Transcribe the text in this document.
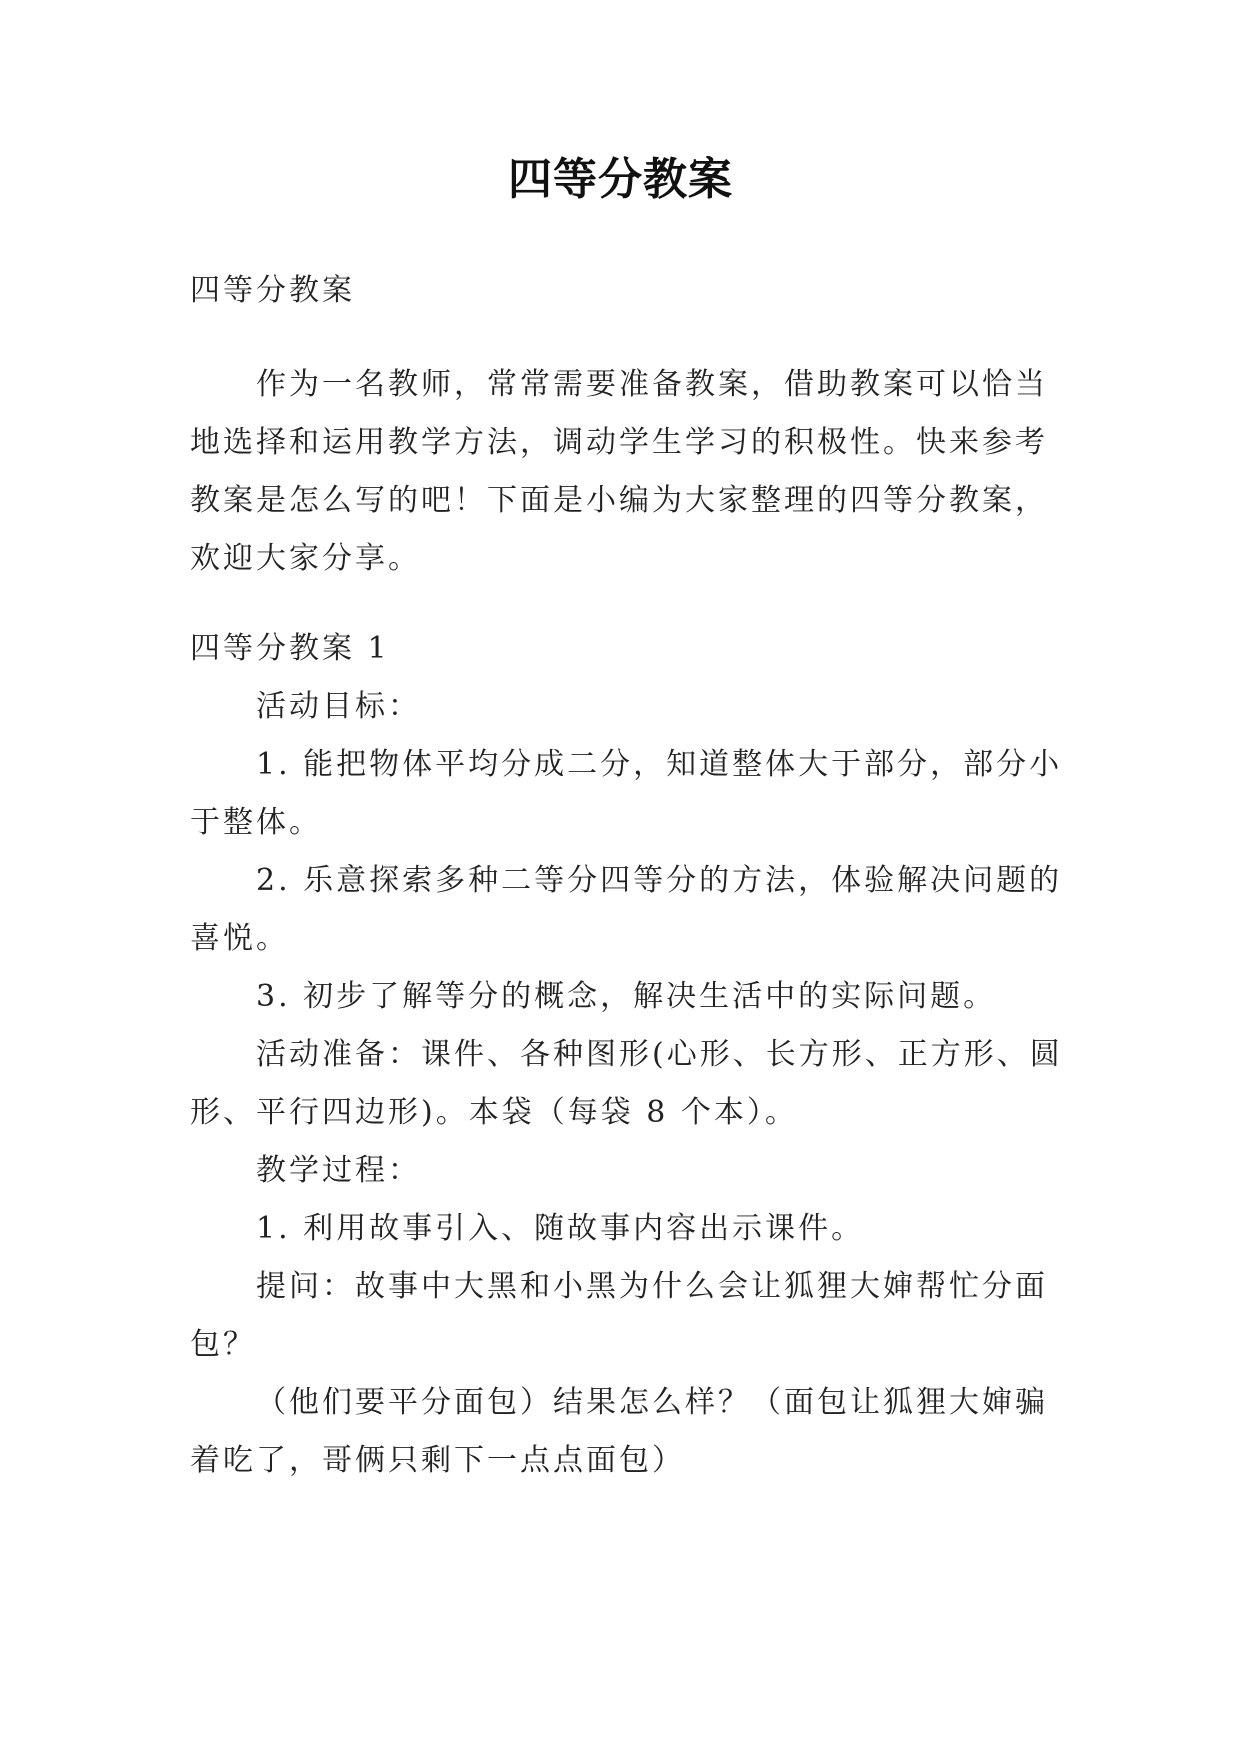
四等分教案

四等分教案

作为一名教师，常常需要准备教案，借助教案可以恰当地选择和运用教学方法，调动学生学习的积极性。快来参考教案是怎么写的吧！下面是小编为大家整理的四等分教案，欢迎大家分享。

四等分教案 1

活动目标：

1. 能把物体平均分成二分，知道整体大于部分，部分小于整体。

2. 乐意探索多种二等分四等分的方法，体验解决问题的喜悦。

3. 初步了解等分的概念，解决生活中的实际问题。

活动准备：课件、各种图形(心形、长方形、正方形、圆形、平行四边形)。本袋（每袋 8 个本）。

教学过程：

1. 利用故事引入、随故事内容出示课件。

提问：故事中大黑和小黑为什么会让狐狸大婶帮忙分面包？

（他们要平分面包）结果怎么样？（面包让狐狸大婶骗着吃了，哥俩只剩下一点点面包）
